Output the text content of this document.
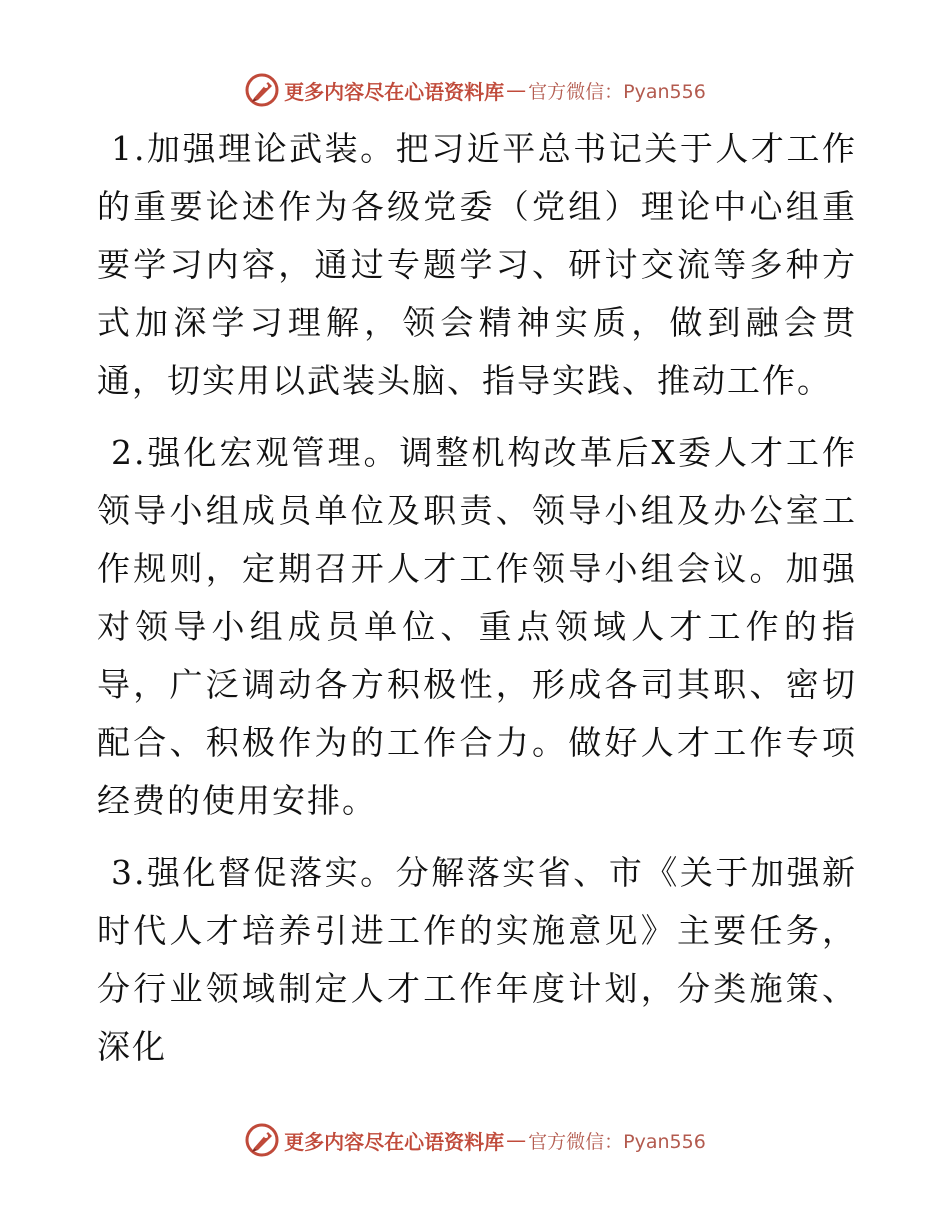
更多内容尽在心语资料库 — 官方微信：Pyan556

1.加强理论武装。把习近平总书记关于人才工作的重要论述作为各级党委（党组）理论中心组重要学习内容，通过专题学习、研讨交流等多种方式加深学习理解，领会精神实质，做到融会贯通，切实用以武装头脑、指导实践、推动工作。

2.强化宏观管理。调整机构改革后X委人才工作领导小组成员单位及职责、领导小组及办公室工作规则，定期召开人才工作领导小组会议。加强对领导小组成员单位、重点领域人才工作的指导，广泛调动各方积极性，形成各司其职、密切配合、积极作为的工作合力。做好人才工作专项经费的使用安排。

3.强化督促落实。分解落实省、市《关于加强新时代人才培养引进工作的实施意见》主要任务，分行业领域制定人才工作年度计划，分类施策、深化

更多内容尽在心语资料库 — 官方微信：Pyan556
